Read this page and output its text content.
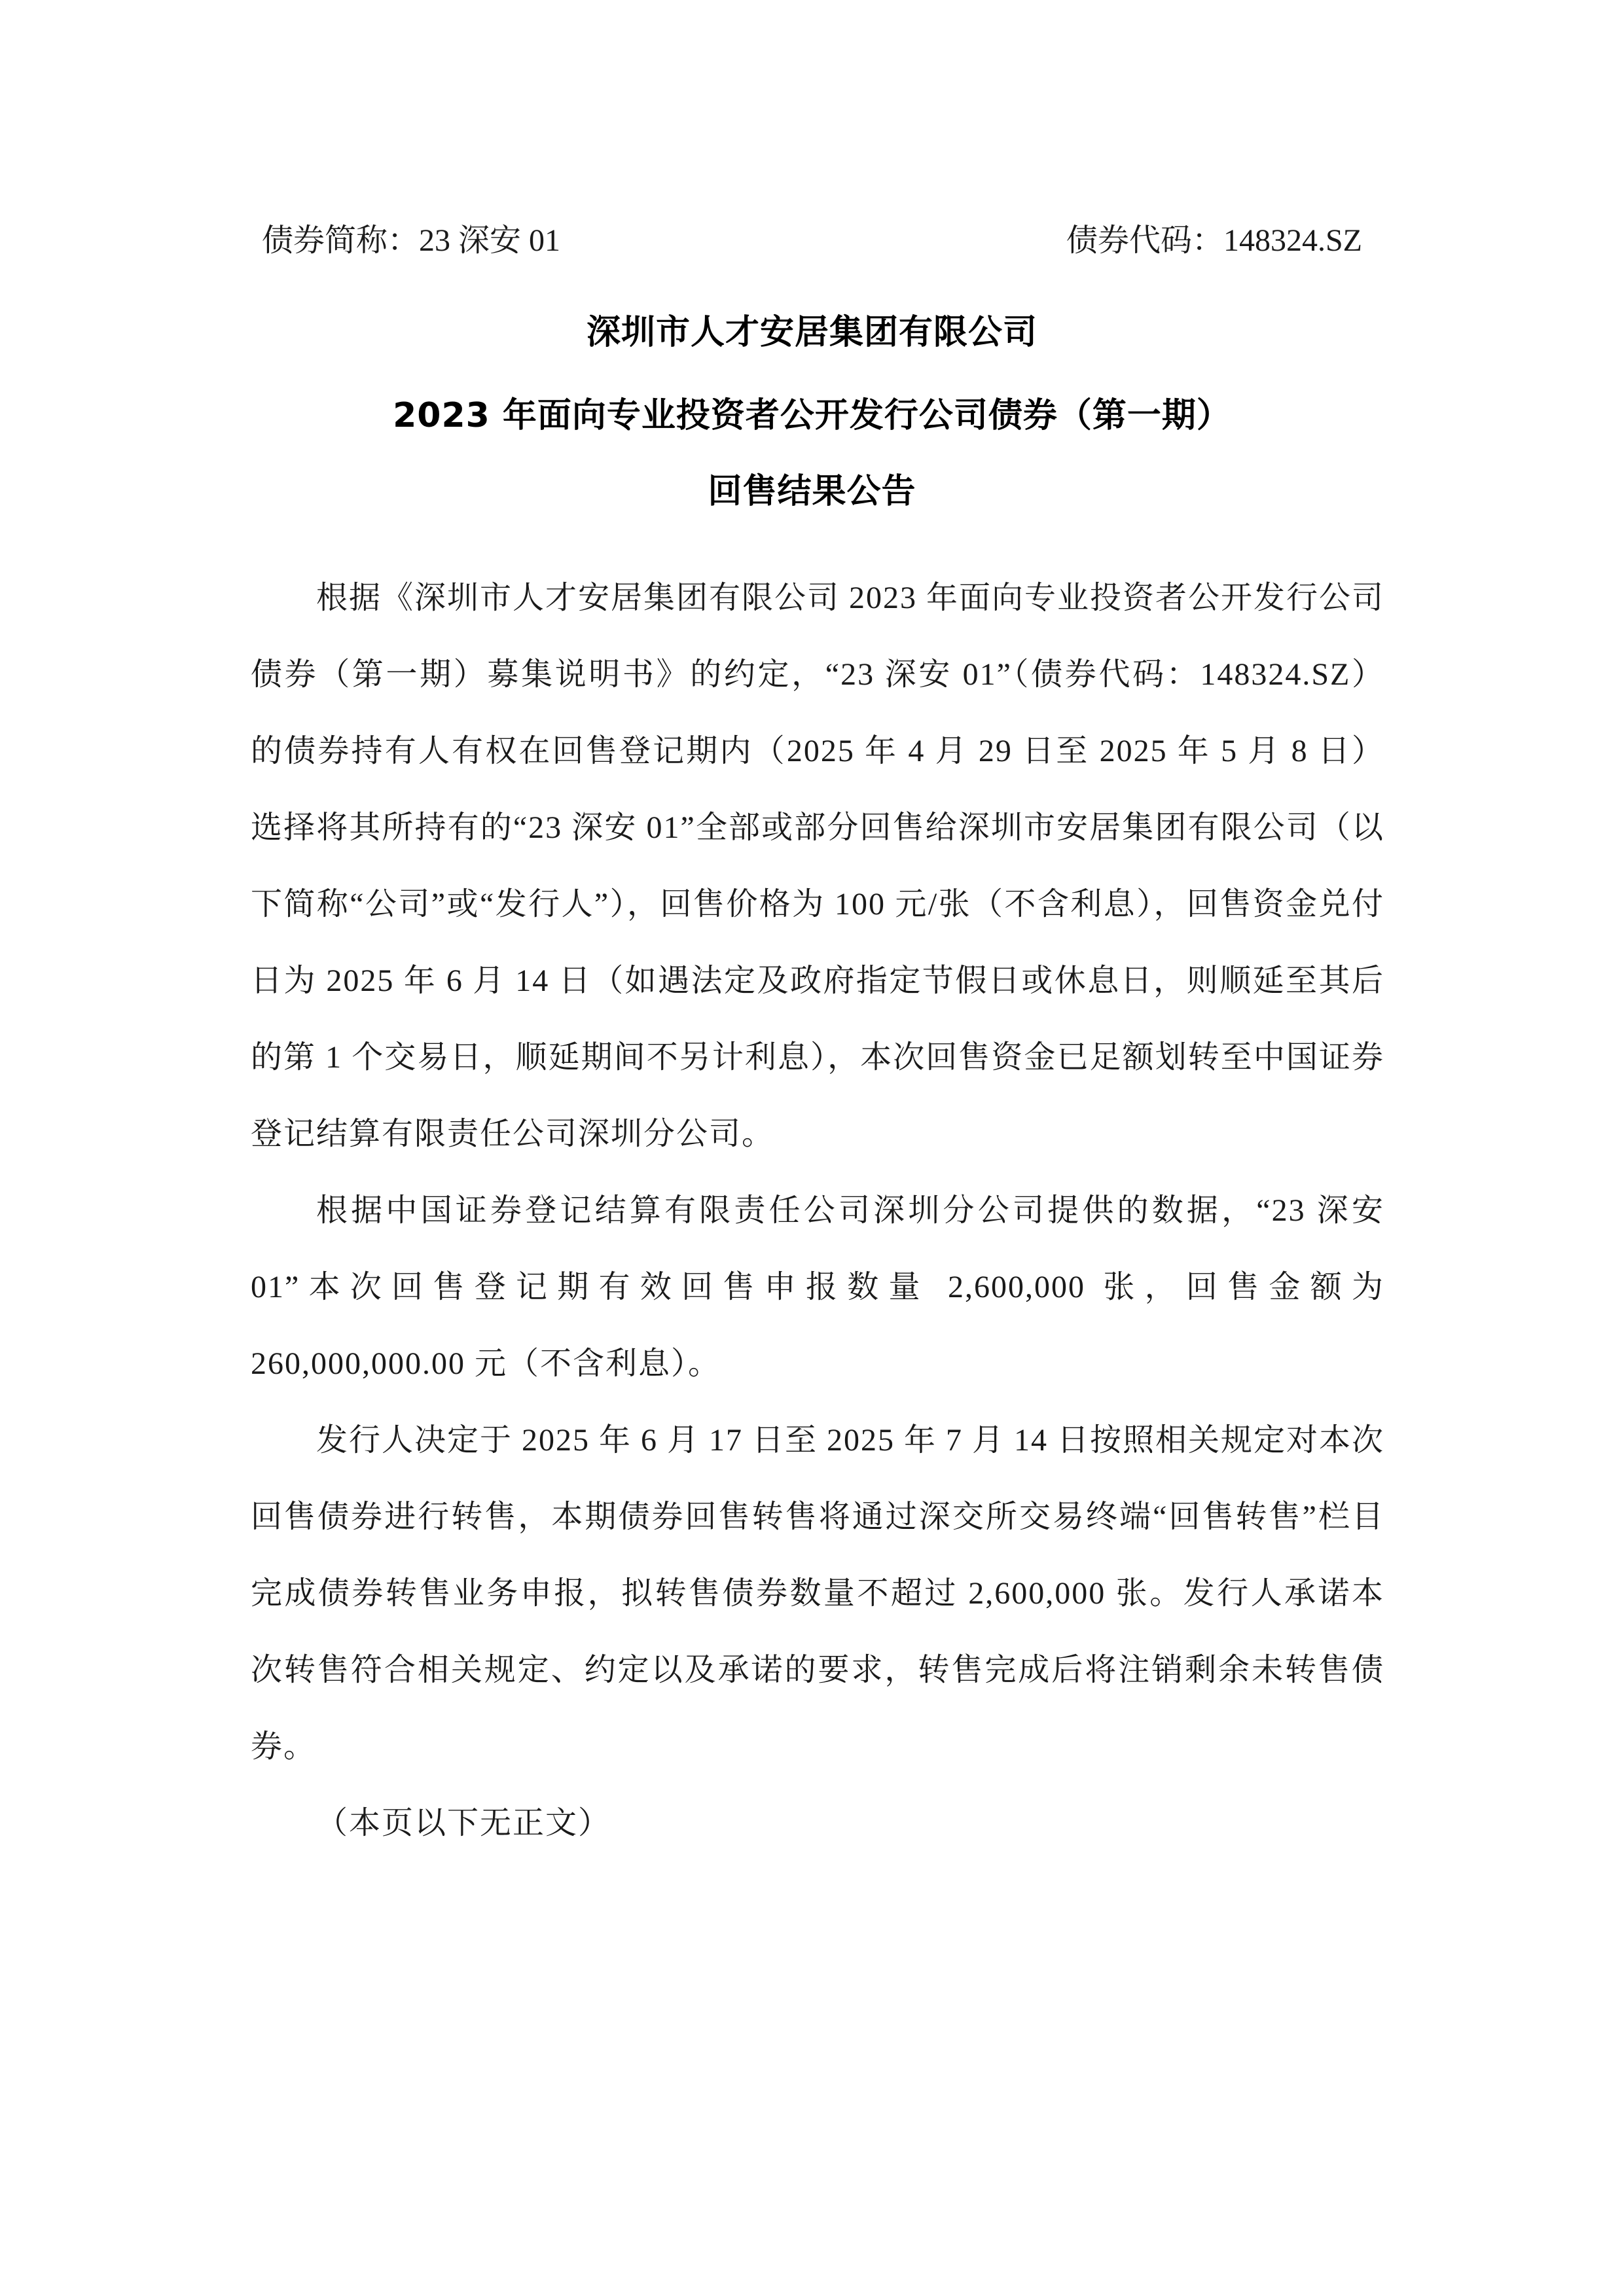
债券简称：23 深安 01	债券代码：148324.SZ
深圳市人才安居集团有限公司
2023 年面向专业投资者公开发行公司债券（第一期）
回售结果公告

根据《深圳市人才安居集团有限公司 2023 年面向专业投资者公开发行公司债券（第一期）募集说明书》的约定，“23 深安 01”（债券代码：148324.SZ）的债券持有人有权在回售登记期内（2025 年 4 月 29 日至 2025 年 5 月 8 日）选择将其所持有的“23 深安 01”全部或部分回售给深圳市安居集团有限公司（以下简称“公司”或“发行人”），回售价格为 100 元/张（不含利息），回售资金兑付日为 2025 年 6 月 14 日（如遇法定及政府指定节假日或休息日，则顺延至其后的第 1 个交易日，顺延期间不另计利息），本次回售资金已足额划转至中国证券登记结算有限责任公司深圳分公司。

根据中国证券登记结算有限责任公司深圳分公司提供的数据，“23 深安 01”本次回售登记期有效回售申报数量 2,600,000 张，回售金额为 260,000,000.00 元（不含利息）。

发行人决定于 2025 年 6 月 17 日至 2025 年 7 月 14 日按照相关规定对本次回售债券进行转售，本期债券回售转售将通过深交所交易终端“回售转售”栏目完成债券转售业务申报，拟转售债券数量不超过 2,600,000 张。发行人承诺本次转售符合相关规定、约定以及承诺的要求，转售完成后将注销剩余未转售债券。

（本页以下无正文）
